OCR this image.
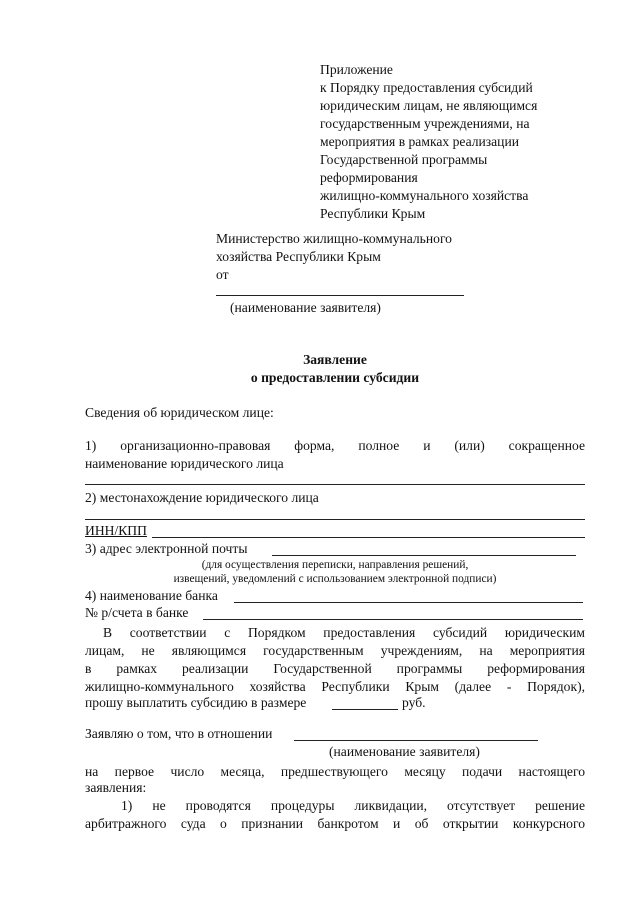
Приложение
к Порядку предоставления субсидий
юридическим лицам, не являющимся
государственным учреждениями, на
мероприятия в рамках реализации
Государственной программы
реформирования
жилищно-коммунального хозяйства
Республики Крым
Министерство жилищно-коммунального
хозяйства Республики Крым
от
(наименование заявителя)
Заявление
о предоставлении субсидии
Сведения об юридическом лице:
1) организационно-правовая форма, полное и (или) сокращенное
наименование юридического лица
2) местонахождение юридического лица
ИНН/КПП
3) адрес электронной почты
(для осуществления переписки, направления решений,
извещений, уведомлений с использованием электронной подписи)
4) наименование банка
№ р/счета в банке
В соответствии с Порядком предоставления субсидий юридическим
лицам, не являющимся государственным учреждениям, на мероприятия
в рамках реализации Государственной программы реформирования
жилищно-коммунального хозяйства Республики Крым (далее - Порядок),
прошу выплатить субсидию в размере	руб.
Заявляю о том, что в отношении
(наименование заявителя)
на первое число месяца, предшествующего месяцу подачи настоящего
заявления:
1) не проводятся процедуры ликвидации, отсутствует решение
арбитражного суда о признании банкротом и об открытии конкурсного
